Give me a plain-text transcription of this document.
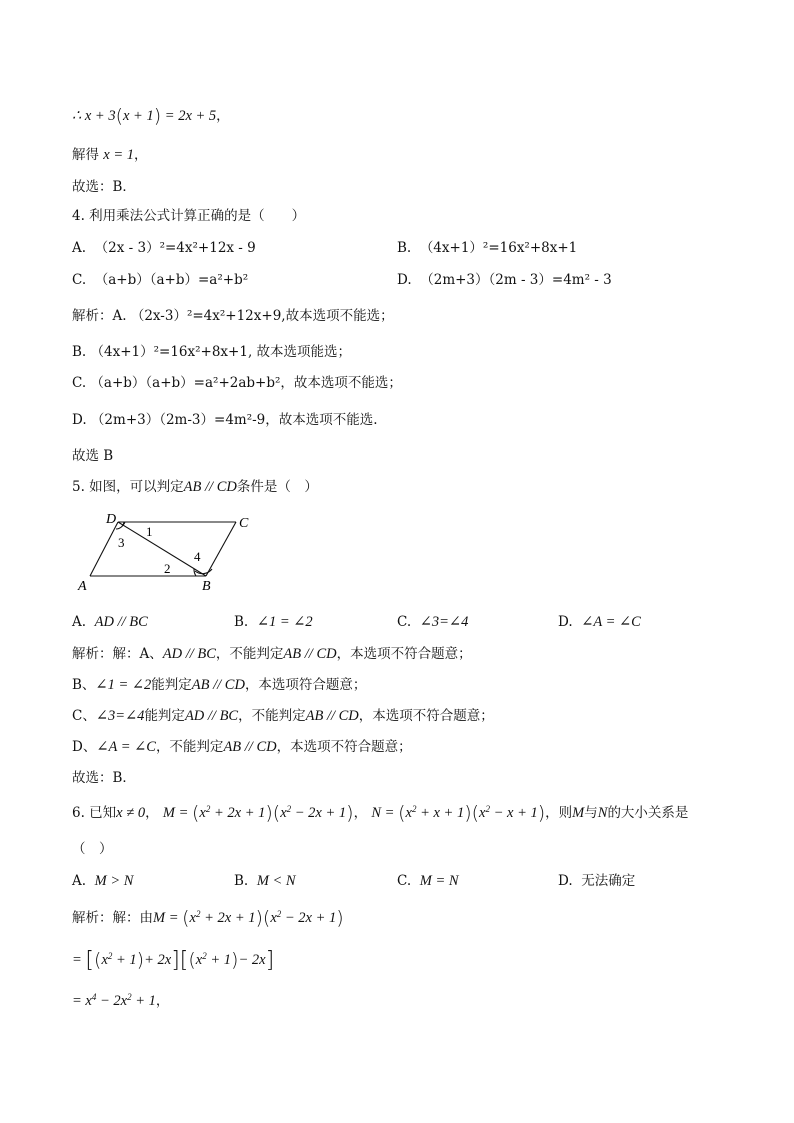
∴ x + 3(x + 1) = 2x + 5，
解得 x = 1，
故选：B．
4. 利用乘法公式计算正确的是（　　）
A. （2x - 3）²=4x²+12x - 9	B. （4x+1）²=16x²+8x+1
C. （a+b）（a+b）=a²+b²	D. （2m+3）（2m - 3）=4m² - 3
解析：A. （2x-3）²=4x²+12x+9,故本选项不能选；
B. （4x+1）²=16x²+8x+1, 故本选项能选；
C. （a+b）（a+b）=a²+2ab+b²，故本选项不能选；
D. （2m+3）（2m-3）=4m²-9，故本选项不能选.
故选 B
5. 如图，可以判定AB // CD条件是（　）
D	C
A	B
1
3
2
4
A. AD // BC	B. ∠1 = ∠2	C. ∠3=∠4	D. ∠A = ∠C
解析：解：A、AD // BC，不能判定AB // CD，本选项不符合题意；
B、∠1 = ∠2能判定AB // CD，本选项符合题意；
C、∠3=∠4能判定AD // BC，不能判定AB // CD，本选项不符合题意；
D、∠A = ∠C，不能判定AB // CD，本选项不符合题意；
故选：B．
6. 已知x ≠ 0， $M = (x^2 + 2x + 1)(x^2 - 2x + 1)$， $N = (x^2 + x + 1)(x^2 - x + 1)$，则M与N的大小关系是
（　）
A. M > N	B. M < N	C. M = N	D. 无法确定
解析：解：由$M = (x^2 + 2x + 1)(x^2 - 2x + 1)$
= $[(x^2 + 1)+ 2x][(x^2 + 1)- 2x]$
= $x^4 - 2x^2 + 1$，
